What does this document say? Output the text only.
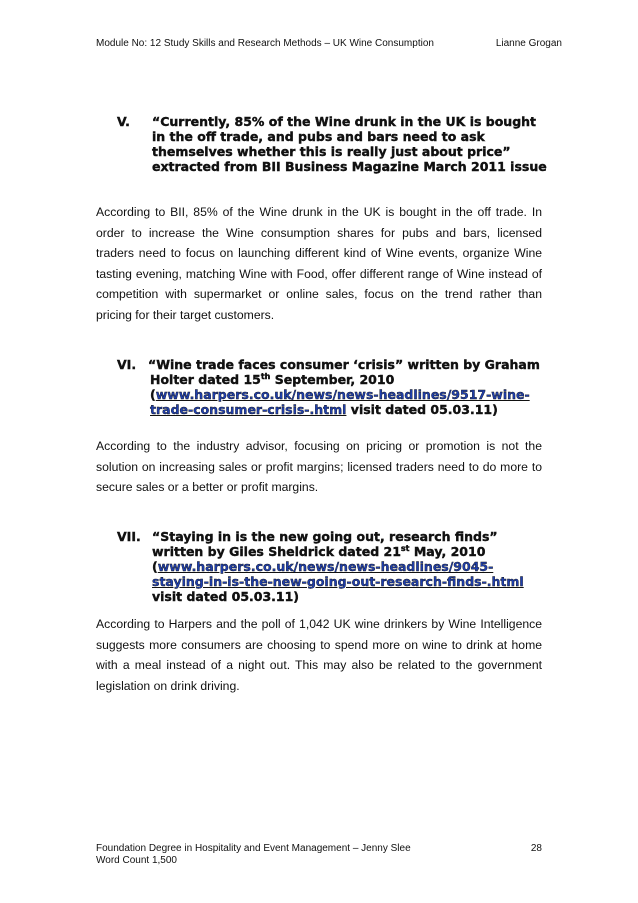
Module No: 12 Study Skills and Research Methods – UK Wine Consumption	Lianne Grogan
V.	“Currently, 85% of the Wine drunk in the UK is bought in the off trade, and pubs and bars need to ask themselves whether this is really just about price” extracted from BII Business Magazine March 2011 issue

According to BII, 85% of the Wine drunk in the UK is bought in the off trade. In order to increase the Wine consumption shares for pubs and bars, licensed traders need to focus on launching different kind of Wine events, organize Wine tasting evening, matching Wine with Food, offer different range of Wine instead of competition with supermarket or online sales, focus on the trend rather than pricing for their target customers.

VI. “Wine trade faces consumer ‘crisis” written by Graham Holter dated 15th September, 2010 (www.harpers.co.uk/news/news-headlines/9517-wine-trade-consumer-crisis-.html visit dated 05.03.11)

According to the industry advisor, focusing on pricing or promotion is not the solution on increasing sales or profit margins; licensed traders need to do more to secure sales or a better or profit margins.

VII. “Staying in is the new going out, research finds” written by Giles Sheldrick dated 21st May, 2010 (www.harpers.co.uk/news/news-headlines/9045-staying-in-is-the-new-going-out-research-finds-.html visit dated 05.03.11)

According to Harpers and the poll of 1,042 UK wine drinkers by Wine Intelligence suggests more consumers are choosing to spend more on wine to drink at home with a meal instead of a night out. This may also be related to the government legislation on drink driving.

Foundation Degree in Hospitality and Event Management – Jenny Slee	28
Word Count 1,500
